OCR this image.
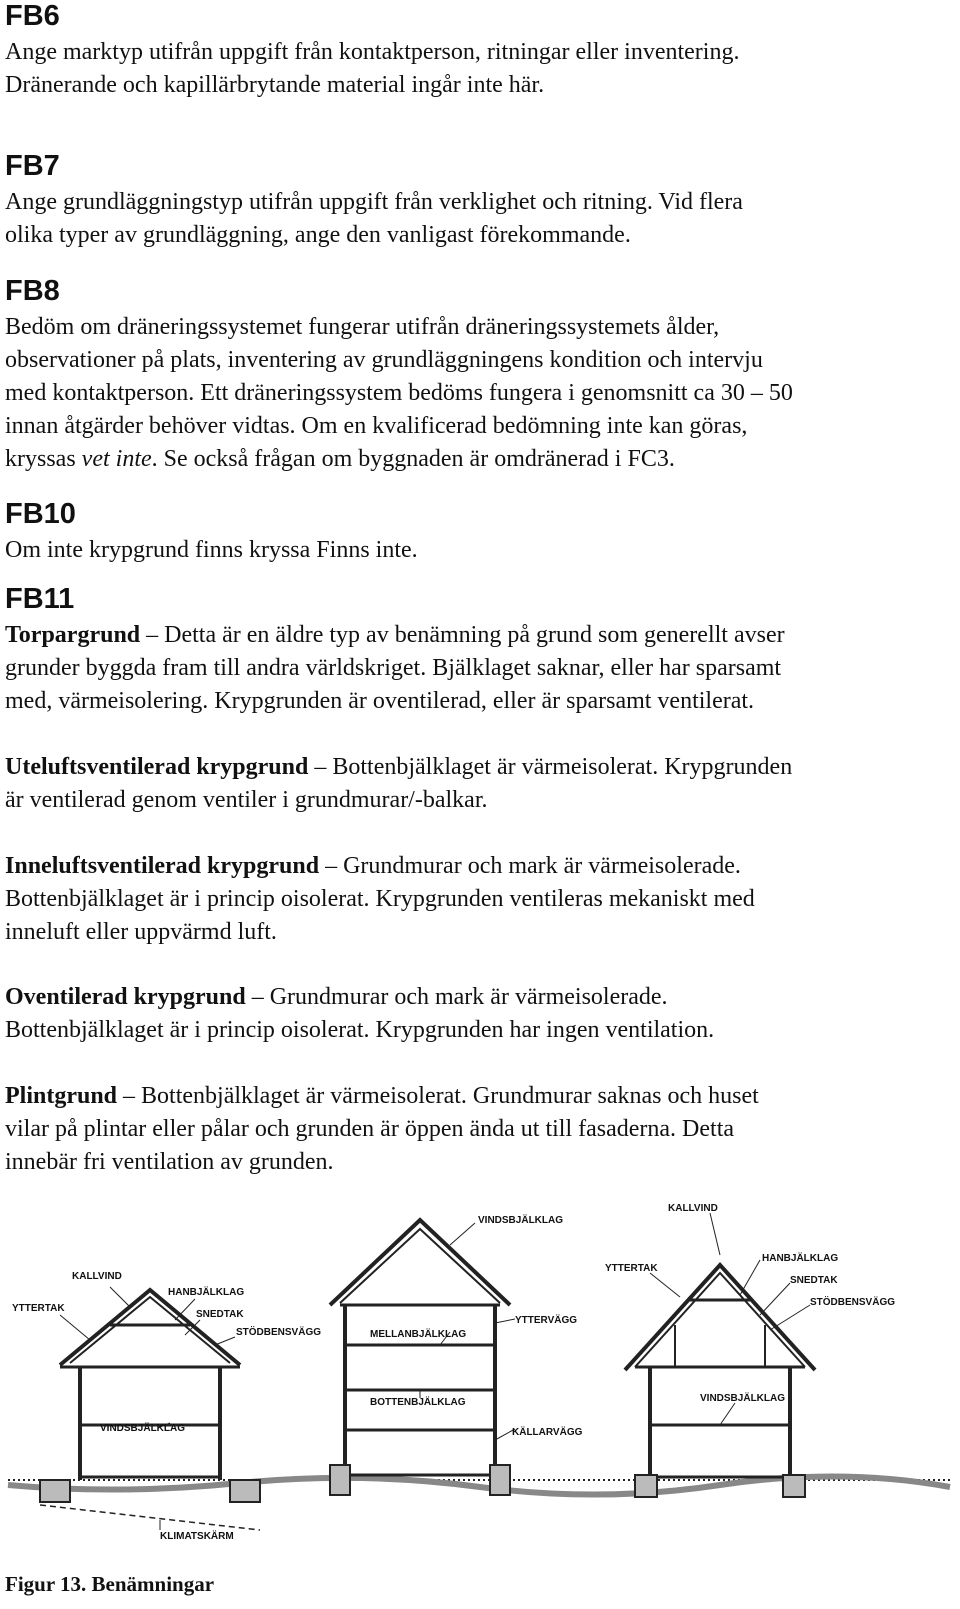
FB6
Ange marktyp utifrån uppgift från kontaktperson, ritningar eller inventering.
Dränerande och kapillärbrytande material ingår inte här.
FB7
Ange grundläggningstyp utifrån uppgift från verklighet och ritning. Vid flera
olika typer av grundläggning, ange den vanligast förekommande.
FB8
Bedöm om dräneringssystemet fungerar utifrån dräneringssystemets ålder,
observationer på plats, inventering av grundläggningens kondition och intervju
med kontaktperson. Ett dräneringssystem bedöms fungera i genomsnitt ca 30 – 50
innan åtgärder behöver vidtas. Om en kvalificerad bedömning inte kan göras,
kryssas vet inte. Se också frågan om byggnaden är omdränerad i FC3.
FB10
Om inte krypgrund finns kryssa Finns inte.
FB11
Torpargrund – Detta är en äldre typ av benämning på grund som generellt avser
grunder byggda fram till andra världskriget. Bjälklaget saknar, eller har sparsamt
med, värmeisolering. Krypgrunden är oventilerad, eller är sparsamt ventilerat.
Uteluftsventilerad krypgrund – Bottenbjälklaget är värmeisolerat. Krypgrunden
är ventilerad genom ventiler i grundmurar/-balkar.
Inneluftsventilerad krypgrund – Grundmurar och mark är värmeisolerade.
Bottenbjälklaget är i princip oisolerat. Krypgrunden ventileras mekaniskt med
inneluft eller uppvärmd luft.
Oventilerad krypgrund – Grundmurar och mark är värmeisolerade.
Bottenbjälklaget är i princip oisolerat. Krypgrunden har ingen ventilation.
Plintgrund – Bottenbjälklaget är värmeisolerat. Grundmurar saknas och huset
vilar på plintar eller pålar och grunden är öppen ända ut till fasaderna. Detta
innebär fri ventilation av grunden.
KALLVIND
HANBJÄLKLAG
YTTERTAK
SNEDTAK
STÖDBENSVÄGG
VINDSBJÄLKLAG
KLIMATSKÄRM
VINDSBJÄLKLAG
MELLANBJÄLKLAG
YTTERVÄGG
BOTTENBJÄLKLAG
KÄLLARVÄGG
KALLVIND
YTTERTAK
HANBJÄLKLAG
SNEDTAK
STÖDBENSVÄGG
VINDSBJÄLKLAG
Figur 13. Benämningar
